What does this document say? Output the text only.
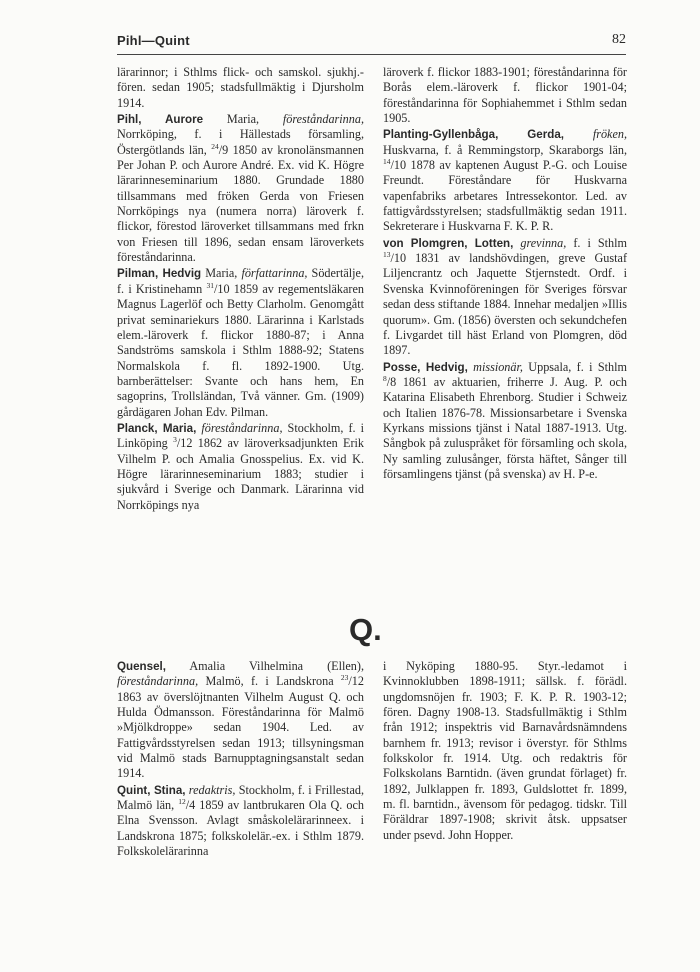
Pihl—Quint	82

lärarinnor; i Sthlms flick- och samskol. sjukhj.-fören. sedan 1905; stadsfullmäktig i Djursholm 1914.

Pihl, Aurore Maria, föreståndarinna, Norrköping, f. i Hällestads församling, Östergötlands län, $^{24}$/9 1850 av kronolänsmannen Per Johan P. och Aurore André. Ex. vid K. Högre lärarinneseminarium 1880. Grundade 1880 tillsammans med fröken Gerda von Friesen Norrköpings nya (numera norra) läroverk f. flickor, förestod läroverket tillsammans med frkn von Friesen till 1896, sedan ensam läroverkets föreståndarinna.

Pilman, Hedvig Maria, författarinna, Södertälje, f. i Kristinehamn $^{31}$/10 1859 av regementsläkaren Magnus Lagerlöf och Betty Clarholm. Genomgått privat seminariekurs 1880. Lärarinna i Karlstads elem.-läroverk f. flickor 1880-87; i Anna Sandströms samskola i Sthlm 1888-92; Statens Normalskola f. fl. 1892-1900. Utg. barnberättelser: Svante och hans hem, En sagoprins, Trollsländan, Två vänner. Gm. (1909) gårdägaren Johan Edv. Pilman.

Planck, Maria, föreståndarinna, Stockholm, f. i Linköping $^3$/12 1862 av läroverksadjunkten Erik Vilhelm P. och Amalia Gnosspelius. Ex. vid K. Högre lärarinneseminarium 1883; studier i sjukvård i Sverige och Danmark. Lärarinna vid Norrköpings nya

läroverk f. flickor 1883-1901; föreståndarinna för Borås elem.-läroverk f. flickor 1901-04; föreståndarinna för Sophiahemmet i Sthlm sedan 1905.

Planting-Gyllenbåga, Gerda, fröken, Huskvarna, f. å Remmingstorp, Skaraborgs län, $^{14}$/10 1878 av kaptenen August P.-G. och Louise Freundt. Föreståndare för Huskvarna vapenfabriks arbetares Intressekontor. Led. av fattigvårdsstyrelsen; stadsfullmäktig sedan 1911. Sekreterare i Huskvarna F. K. P. R.

von Plomgren, Lotten, grevinna, f. i Sthlm $^{13}$/10 1831 av landshövdingen, greve Gustaf Liljencrantz och Jaquette Stjernstedt. Ordf. i Svenska Kvinnoföreningen för Sveriges försvar sedan dess stiftande 1884. Innehar medaljen »Illis quorum». Gm. (1856) översten och sekundchefen f. Livgardet till häst Erland von Plomgren, död 1897.

Posse, Hedvig, missionär, Uppsala, f. i Sthlm $^8$/8 1861 av aktuarien, friherre J. Aug. P. och Katarina Elisabeth Ehrenborg. Studier i Schweiz och Italien 1876-78. Missionsarbetare i Svenska Kyrkans missions tjänst i Natal 1887-1913. Utg. Sångbok på zuluspråket för församling och skola, Ny samling zulusånger, första häftet, Sånger till församlingens tjänst (på svenska) av H. P-e.

Q.

Quensel, Amalia Vilhelmina (Ellen), föreståndarinna, Malmö, f. i Landskrona $^{23}$/12 1863 av överslöjtnanten Vilhelm August Q. och Hulda Ödmansson. Föreståndarinna för Malmö »Mjölkdroppe» sedan 1904. Led. av Fattigvårdsstyrelsen sedan 1913; tillsyningsman vid Malmö stads Barnupptagningsanstalt sedan 1914.

Quint, Stina, redaktris, Stockholm, f. i Frillestad, Malmö län, $^{12}$/4 1859 av lantbrukaren Ola Q. och Elna Svensson. Avlagt småskolelärarinneex. i Landskrona 1875; folkskolelär.-ex. i Sthlm 1879. Folkskolelärarinna

i Nyköping 1880-95. Styr.-ledamot i Kvinnoklubben 1898-1911; sällsk. f. förädl. ungdomsnöjen fr. 1903; F. K. P. R. 1903-12; fören. Dagny 1908-13. Stadsfullmäktig i Sthlm från 1912; inspektris vid Barnavårdsnämndens barnhem fr. 1913; revisor i överstyr. för Sthlms folkskolor fr. 1914. Utg. och redaktris för Folkskolans Barntidn. (även grundat förlaget) fr. 1892, Julklappen fr. 1893, Guldslottet fr. 1899, m. fl. barntidn., ävensom för pedagog. tidskr. Till Föräldrar 1897-1908; skrivit åtsk. uppsatser under psevd. John Hopper.
